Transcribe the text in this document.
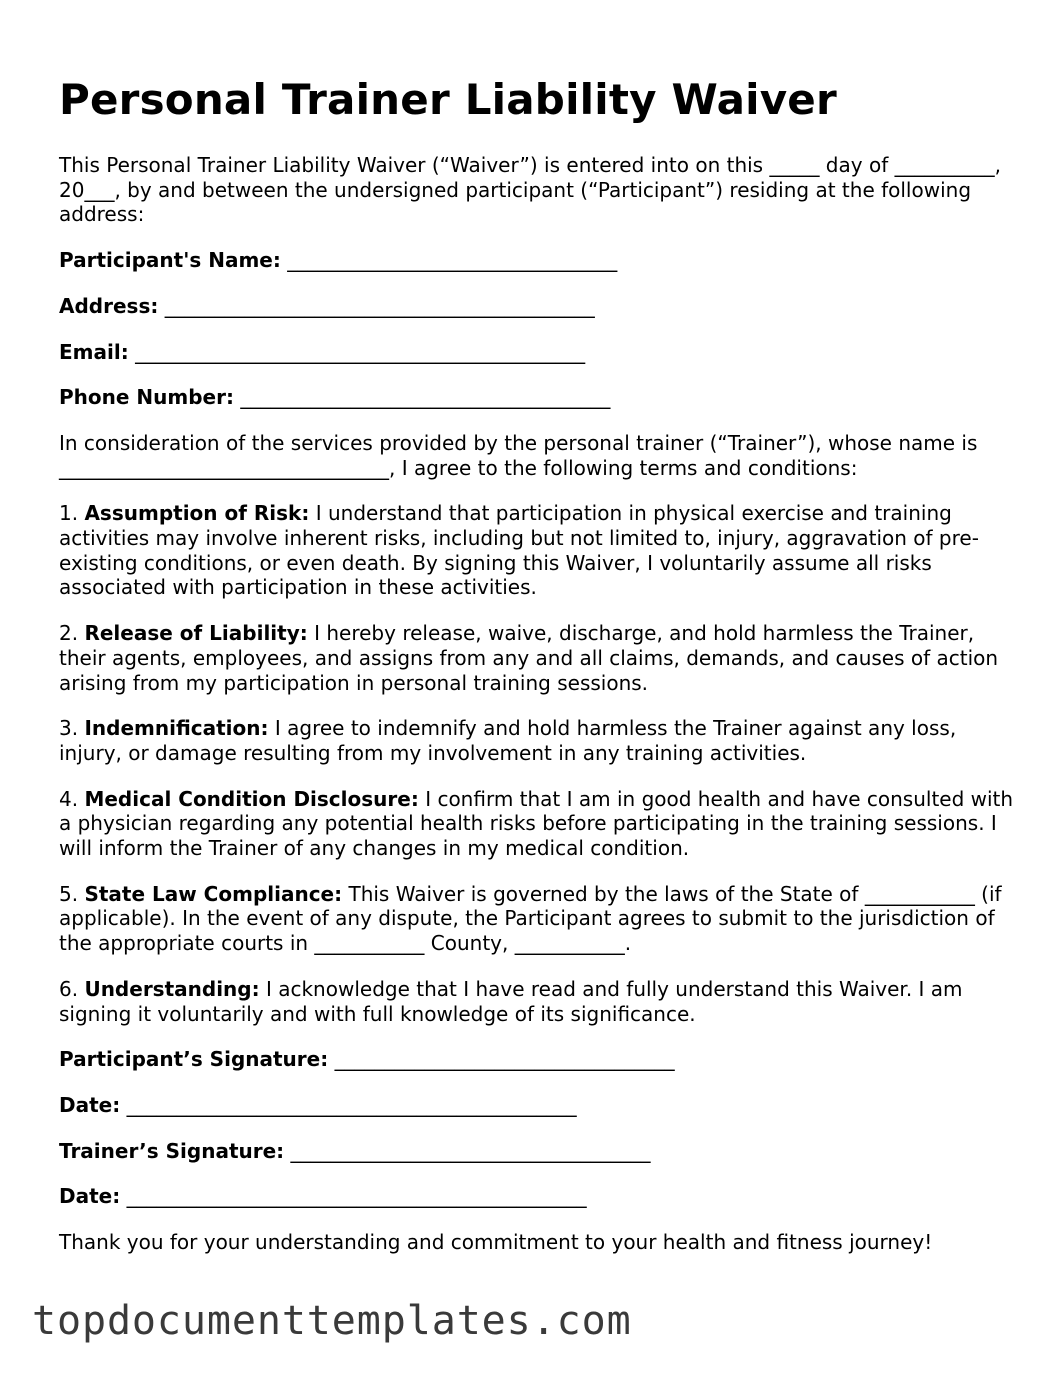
Personal Trainer Liability Waiver

This Personal Trainer Liability Waiver (“Waiver”) is entered into on this _____ day of __________, 20___, by and between the undersigned participant (“Participant”) residing at the following address:

Participant's Name: _________________________________

Address: ___________________________________________

Email: _____________________________________________

Phone Number: _____________________________________

In consideration of the services provided by the personal trainer (“Trainer”), whose name is _________________________________, I agree to the following terms and conditions:

1. Assumption of Risk: I understand that participation in physical exercise and training activities may involve inherent risks, including but not limited to, injury, aggravation of pre-existing conditions, or even death. By signing this Waiver, I voluntarily assume all risks associated with participation in these activities.

2. Release of Liability: I hereby release, waive, discharge, and hold harmless the Trainer, their agents, employees, and assigns from any and all claims, demands, and causes of action arising from my participation in personal training sessions.

3. Indemnification: I agree to indemnify and hold harmless the Trainer against any loss, injury, or damage resulting from my involvement in any training activities.

4. Medical Condition Disclosure: I confirm that I am in good health and have consulted with a physician regarding any potential health risks before participating in the training sessions. I will inform the Trainer of any changes in my medical condition.

5. State Law Compliance: This Waiver is governed by the laws of the State of ___________ (if applicable). In the event of any dispute, the Participant agrees to submit to the jurisdiction of the appropriate courts in ___________ County, ___________.

6. Understanding: I acknowledge that I have read and fully understand this Waiver. I am signing it voluntarily and with full knowledge of its significance.

Participant’s Signature: __________________________________

Date: _____________________________________________

Trainer’s Signature: ____________________________________

Date: ______________________________________________

Thank you for your understanding and commitment to your health and fitness journey!

topdocumenttemplates.com
